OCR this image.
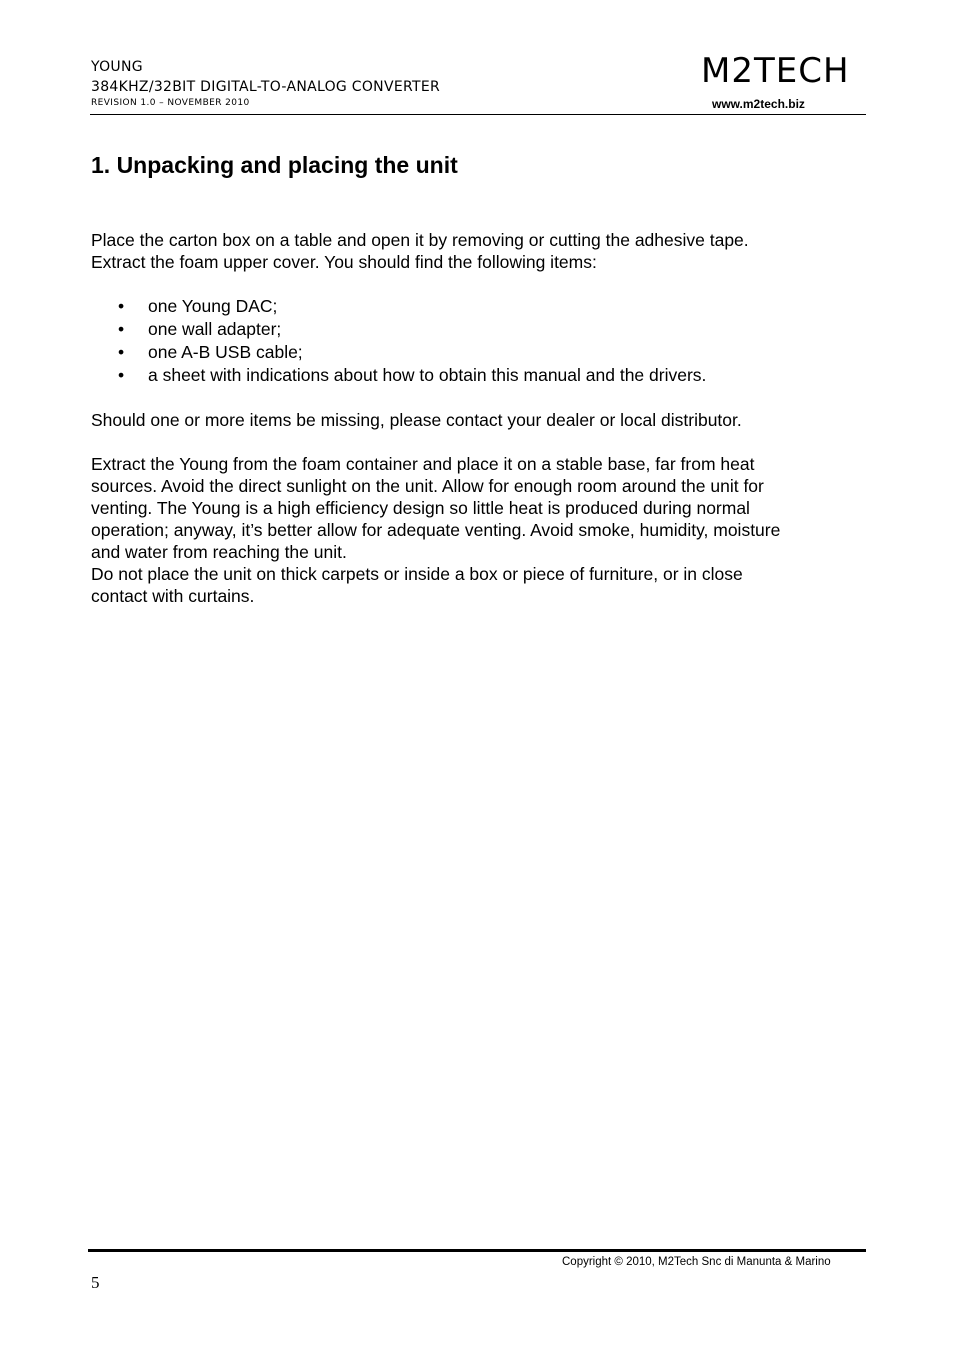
YOUNG
384KHZ/32BIT DIGITAL-TO-ANALOG CONVERTER
REVISION 1.0 – NOVEMBER 2010
M2TECH
www.m2tech.biz
1. Unpacking and placing the unit

Place the carton box on a table and open it by removing or cutting the adhesive tape.
Extract the foam upper cover. You should find the following items:

• one Young DAC;
• one wall adapter;
• one A-B USB cable;
• a sheet with indications about how to obtain this manual and the drivers.

Should one or more items be missing, please contact your dealer or local distributor.

Extract the Young from the foam container and place it on a stable base, far from heat
sources. Avoid the direct sunlight on the unit. Allow for enough room around the unit for
venting. The Young is a high efficiency design so little heat is produced during normal
operation; anyway, it’s better allow for adequate venting. Avoid smoke, humidity, moisture
and water from reaching the unit.
Do not place the unit on thick carpets or inside a box or piece of furniture, or in close
contact with curtains.

Copyright © 2010, M2Tech Snc di Manunta & Marino
5
